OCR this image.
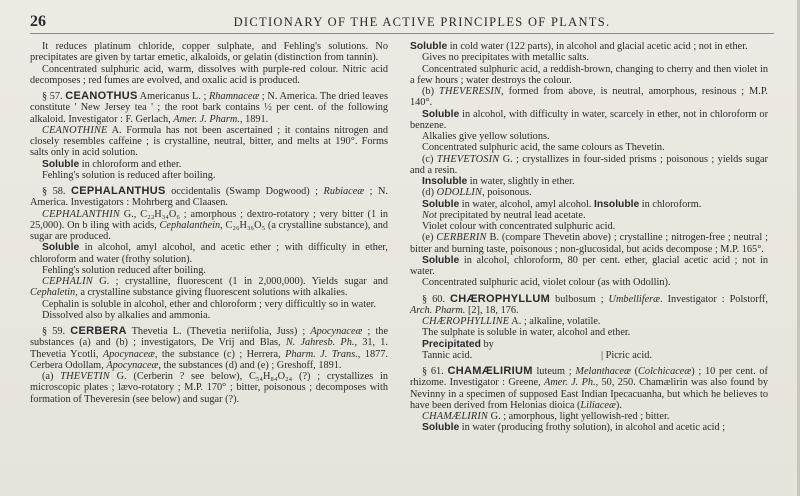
26	DICTIONARY OF THE ACTIVE PRINCIPLES OF PLANTS.

It reduces platinum chloride, copper sulphate, and Fehling's solutions. No precipitates are given by tartar emetic, alkaloids, or gelatin (distinction from tannin).

Concentrated sulphuric acid, warm, dissolves with purple-red colour. Nitric acid decomposes ; red fumes are evolved, and oxalic acid is produced.

§ 57. CEANOTHUS Americanus L. ; Rhamnaceæ ; N. America. The dried leaves constitute ' New Jersey tea ' ; the root bark contains ½ per cent. of the following alkaloid. Investigator : F. Gerlach, Amer. J. Pharm., 1891.

CEANOTHINE A. Formula has not been ascertained ; it contains nitrogen and closely resembles caffeine ; is crystalline, neutral, bitter, and melts at 190°. Forms salts only in acid solution.

Soluble in chloroform and ether.

Fehling's solution is reduced after boiling.

§ 58. CEPHALANTHUS occidentalis (Swamp Dogwood) ; Rubiaceæ ; N. America. Investigators : Mohrberg and Claasen.

CEPHALANTHIN G., C₂₂H₃₄O₆ ; amorphous ; dextro-rotatory ; very bitter (1 in 25,000). On b iling with acids, Cephalanthein, C₂₆H₃₆O₅ (a crystalline substance), and sugar are produced.

Soluble in alcohol, amyl alcohol, and acetic ether ; with difficulty in ether, chloroform and water (frothy solution).

Fehling's solution reduced after boiling.

CEPHALIN G. ; crystalline, fluorescent (1 in 2,000,000). Yields sugar and Cephaletin, a crystalline substance giving fluorescent solutions with alkalies.

Cephalin is soluble in alcohol, ether and chloroform ; very difficultly so in water.

Dissolved also by alkalies and ammonia.

§ 59. CERBERA Thevetia L. (Thevetia neriifolia, Juss) ; Apocynaceæ ; the substances (a) and (b) ; investigators, De Vrij and Blas, N. Jahresb. Ph., 31, 1. Thevetia Ycotli, Apocynaceæ, the substance (c) ; Herrera, Pharm. J. Trans., 1877. Cerbera Odollam, Apocynaceæ, the substances (d) and (e) ; Greshoff, 1891.

(a) THEVETIN G. (Cerberin ? see below), C₅₄H₈₄O₂₄ (?) ; crystallizes in microscopic plates ; lævo-rotatory ; M.P. 170° ; bitter, poisonous ; decomposes with formation of Theveresin (see below) and sugar (?).

Soluble in cold water (122 parts), in alcohol and glacial acetic acid ; not in ether.

Gives no precipitates with metallic salts.

Concentrated sulphuric acid, a reddish-brown, changing to cherry and then violet in a few hours ; water destroys the colour.

(b) THEVERESIN, formed from above, is neutral, amorphous, resinous ; M.P. 140°.

Soluble in alcohol, with difficulty in water, scarcely in ether, not in chloroform or benzene.

Alkalies give yellow solutions.

Concentrated sulphuric acid, the same colours as Thevetin.

(c) THEVETOSIN G. ; crystallizes in four-sided prisms ; poisonous ; yields sugar and a resin.

Insoluble in water, slightly in ether.

(d) ODOLLIN, poisonous.

Soluble in water, alcohol, amyl alcohol. Insoluble in chloroform.

Not precipitated by neutral lead acetate.

Violet colour with concentrated sulphuric acid.

(e) CERBERIN B. (compare Thevetin above) ; crystalline ; nitrogen-free ; neutral ; bitter and burning taste, poisonous ; non-glucosidal, but acids decompose ; M.P. 165°.

Soluble in alcohol, chloroform, 80 per cent. ether, glacial acetic acid ; not in water.

Concentrated sulphuric acid, violet colour (as with Odollin).

§ 60. CHÆROPHYLLUM bulbosum ; Umbelliferæ. Investigator : Polstorff, Arch. Pharm. [2], 18, 176.

CHÆROPHYLLINE A. ; alkaline, volatile.

The sulphate is soluble in water, alcohol and ether.

Precipitated by

Tannic acid.	| Picric acid.

§ 61. CHAMÆLIRIUM luteum ; Melanthaceæ (Colchicaceæ) ; 10 per cent. of rhizome. Investigator : Greene, Amer. J. Ph., 50, 250. Chamælirin was also found by Nevinny in a specimen of supposed East Indian Ipecacuanha, but which he believes to have been derived from Helonias dioica (Liliaceæ).

CHAMÆLIRIN G. ; amorphous, light yellowish-red ; bitter.

Soluble in water (producing frothy solution), in alcohol and acetic acid ;
